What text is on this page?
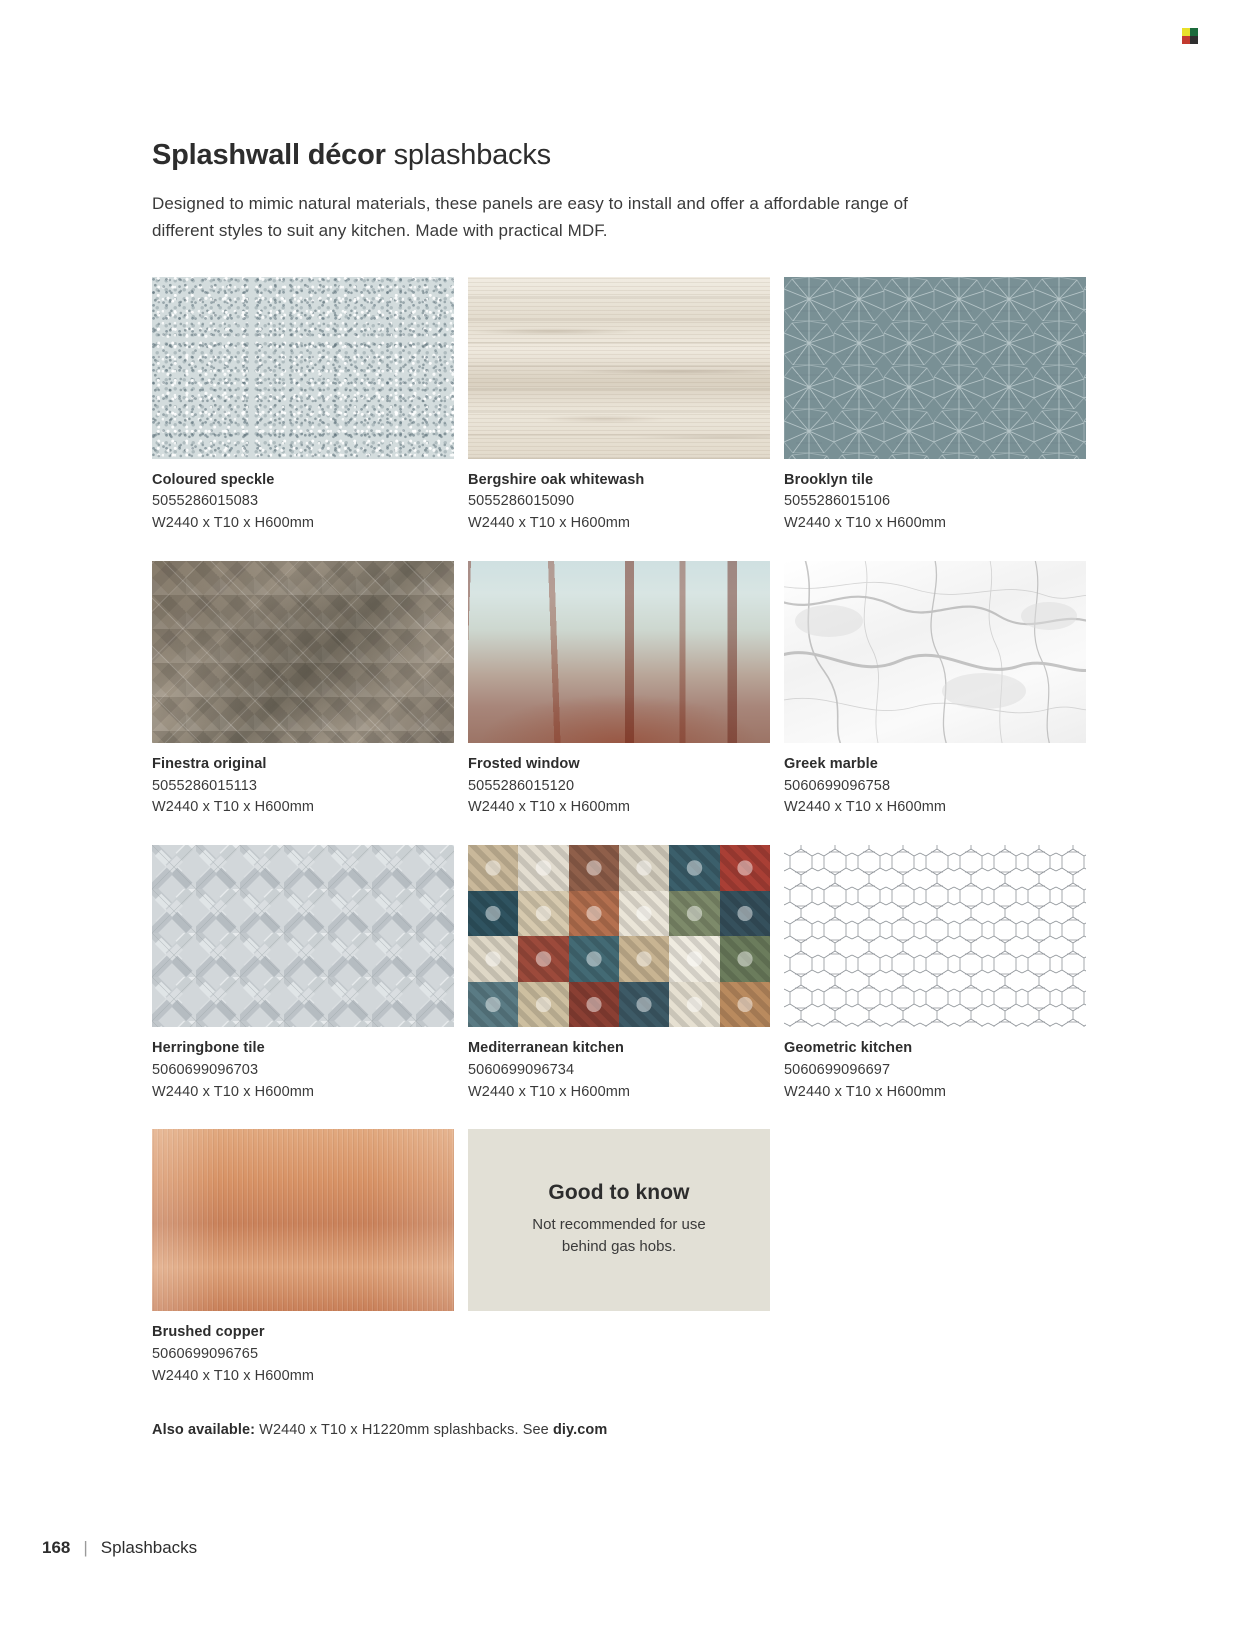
Splashwall décor splashbacks

Designed to mimic natural materials, these panels are easy to install and offer a affordable range of different styles to suit any kitchen. Made with practical MDF.

Coloured speckle
5055286015083
W2440 x T10 x H600mm
Bergshire oak whitewash
5055286015090
W2440 x T10 x H600mm
Brooklyn tile
5055286015106
W2440 x T10 x H600mm
Finestra original
5055286015113
W2440 x T10 x H600mm
Frosted window
5055286015120
W2440 x T10 x H600mm
Greek marble
5060699096758
W2440 x T10 x H600mm
Herringbone tile
5060699096703
W2440 x T10 x H600mm
Mediterranean kitchen
5060699096734
W2440 x T10 x H600mm
Geometric kitchen
5060699096697
W2440 x T10 x H600mm
Brushed copper
5060699096765
W2440 x T10 x H600mm
Good to know
Not recommended for use behind gas hobs.
Also available: W2440 x T10 x H1220mm splashbacks. See diy.com
168 | Splashbacks
